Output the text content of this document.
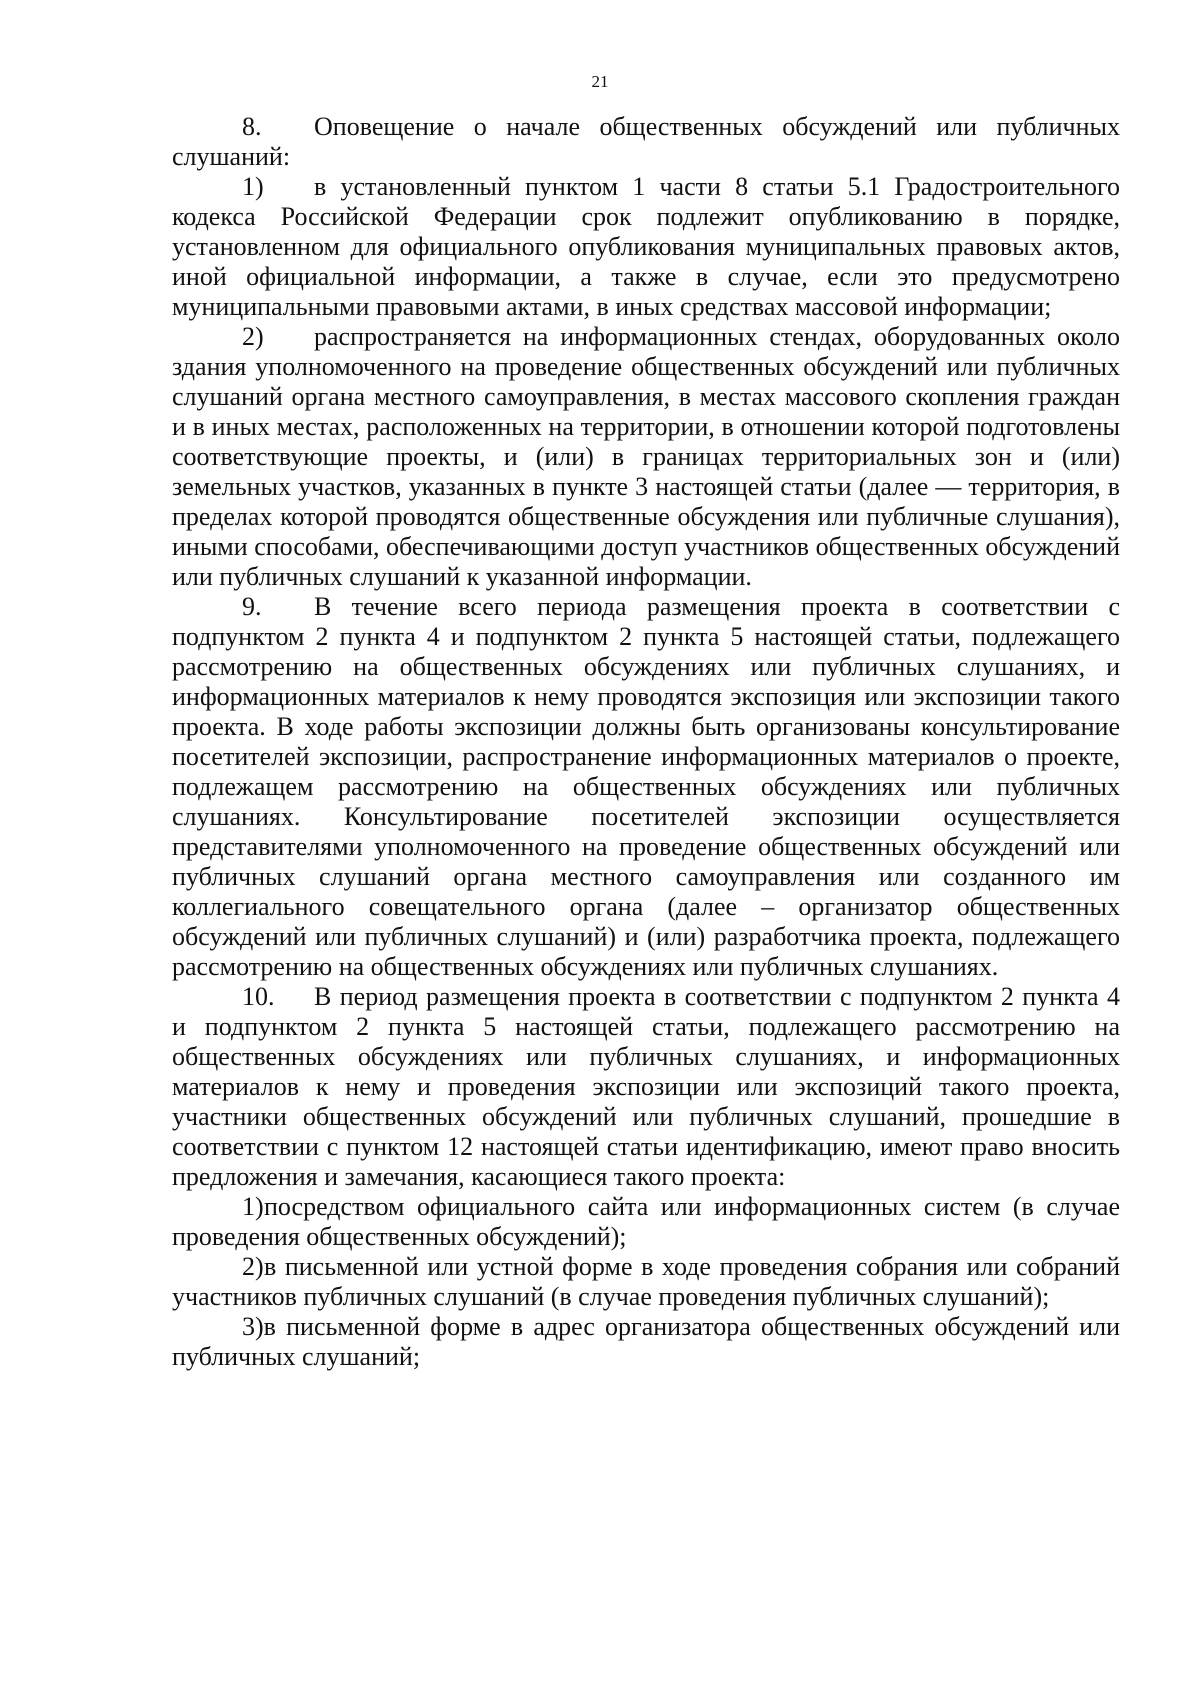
21

8. Оповещение о начале общественных обсуждений или публичных слушаний:

1) в установленный пунктом 1 части 8 статьи 5.1 Градостроительного кодекса Российской Федерации срок подлежит опубликованию в порядке, установленном для официального опубликования муниципальных правовых актов, иной официальной информации, а также в случае, если это предусмотрено муниципальными правовыми актами, в иных средствах массовой информации;

2) распространяется на информационных стендах, оборудованных около здания уполномоченного на проведение общественных обсуждений или публичных слушаний органа местного самоуправления, в местах массового скопления граждан и в иных местах, расположенных на территории, в отношении которой подготовлены соответствующие проекты, и (или) в границах территориальных зон и (или) земельных участков, указанных в пункте 3 настоящей статьи (далее — территория, в пределах которой проводятся общественные обсуждения или публичные слушания), иными способами, обеспечивающими доступ участников общественных обсуждений или публичных слушаний к указанной информации.

9. В течение всего периода размещения проекта в соответствии с подпунктом 2 пункта 4 и подпунктом 2 пункта 5 настоящей статьи, подлежащего рассмотрению на общественных обсуждениях или публичных слушаниях, и информационных материалов к нему проводятся экспозиция или экспозиции такого проекта. В ходе работы экспозиции должны быть организованы консультирование посетителей экспозиции, распространение информационных материалов о проекте, подлежащем рассмотрению на общественных обсуждениях или публичных слушаниях. Консультирование посетителей экспозиции осуществляется представителями уполномоченного на проведение общественных обсуждений или публичных слушаний органа местного самоуправления или созданного им коллегиального совещательного органа (далее – организатор общественных обсуждений или публичных слушаний) и (или) разработчика проекта, подлежащего рассмотрению на общественных обсуждениях или публичных слушаниях.

10. В период размещения проекта в соответствии с подпунктом 2 пункта 4 и подпунктом 2 пункта 5 настоящей статьи, подлежащего рассмотрению на общественных обсуждениях или публичных слушаниях, и информационных материалов к нему и проведения экспозиции или экспозиций такого проекта, участники общественных обсуждений или публичных слушаний, прошедшие в соответствии с пунктом 12 настоящей статьи идентификацию, имеют право вносить предложения и замечания, касающиеся такого проекта:

1)посредством официального сайта или информационных систем (в случае проведения общественных обсуждений);

2)в письменной или устной форме в ходе проведения собрания или собраний участников публичных слушаний (в случае проведения публичных слушаний);

3)в письменной форме в адрес организатора общественных обсуждений или публичных слушаний;
